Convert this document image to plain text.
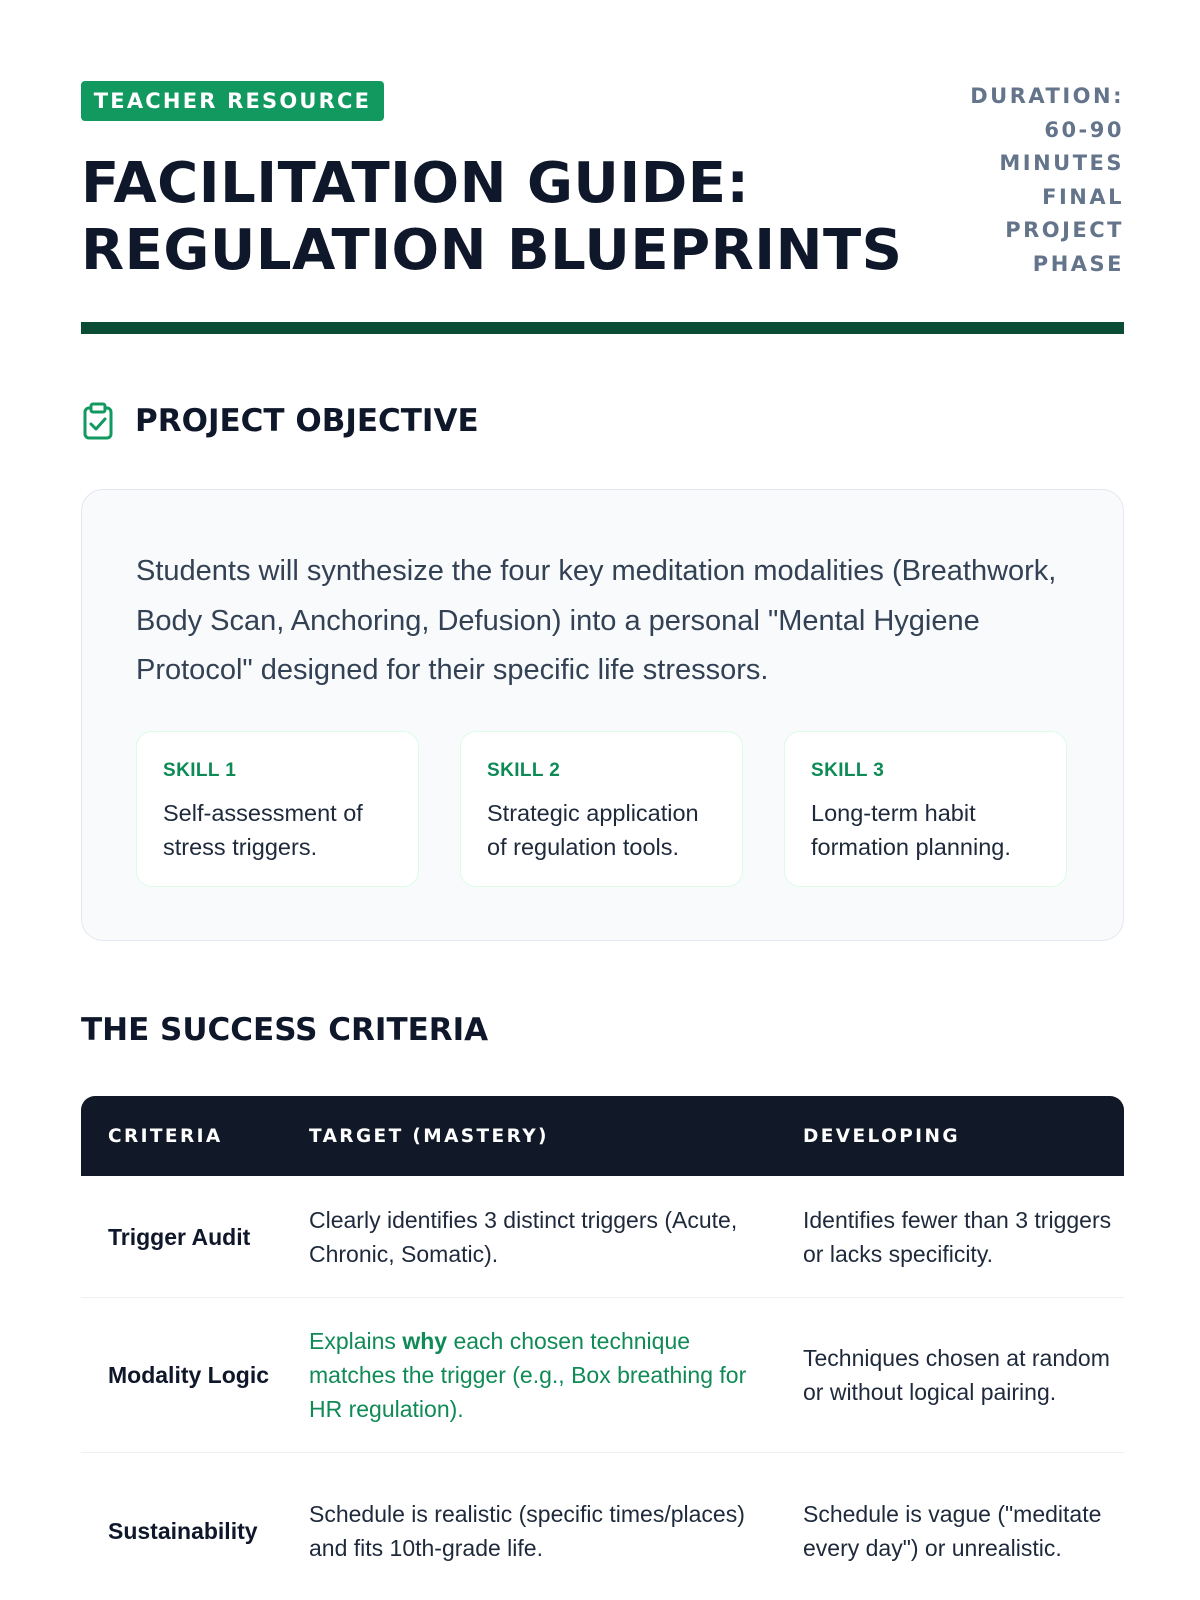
TEACHER RESOURCE
FACILITATION GUIDE:
REGULATION BLUEPRINTS
DURATION:
60-90
MINUTES
FINAL
PROJECT
PHASE
PROJECT OBJECTIVE

Students will synthesize the four key meditation modalities (Breathwork, Body Scan, Anchoring, Defusion) into a personal "Mental Hygiene Protocol" designed for their specific life stressors.

SKILL 1
Self-assessment of stress triggers.
SKILL 2
Strategic application of regulation tools.
SKILL 3
Long-term habit formation planning.
THE SUCCESS CRITERIA
CRITERIA	TARGET (MASTERY)	DEVELOPING
Trigger Audit
Clearly identifies 3 distinct triggers (Acute, Chronic, Somatic).
Identifies fewer than 3 triggers or lacks specificity.
Modality Logic
Explains why each chosen technique matches the trigger (e.g., Box breathing for HR regulation).
Techniques chosen at random or without logical pairing.
Sustainability
Schedule is realistic (specific times/places) and fits 10th-grade life.
Schedule is vague ("meditate every day") or unrealistic.
